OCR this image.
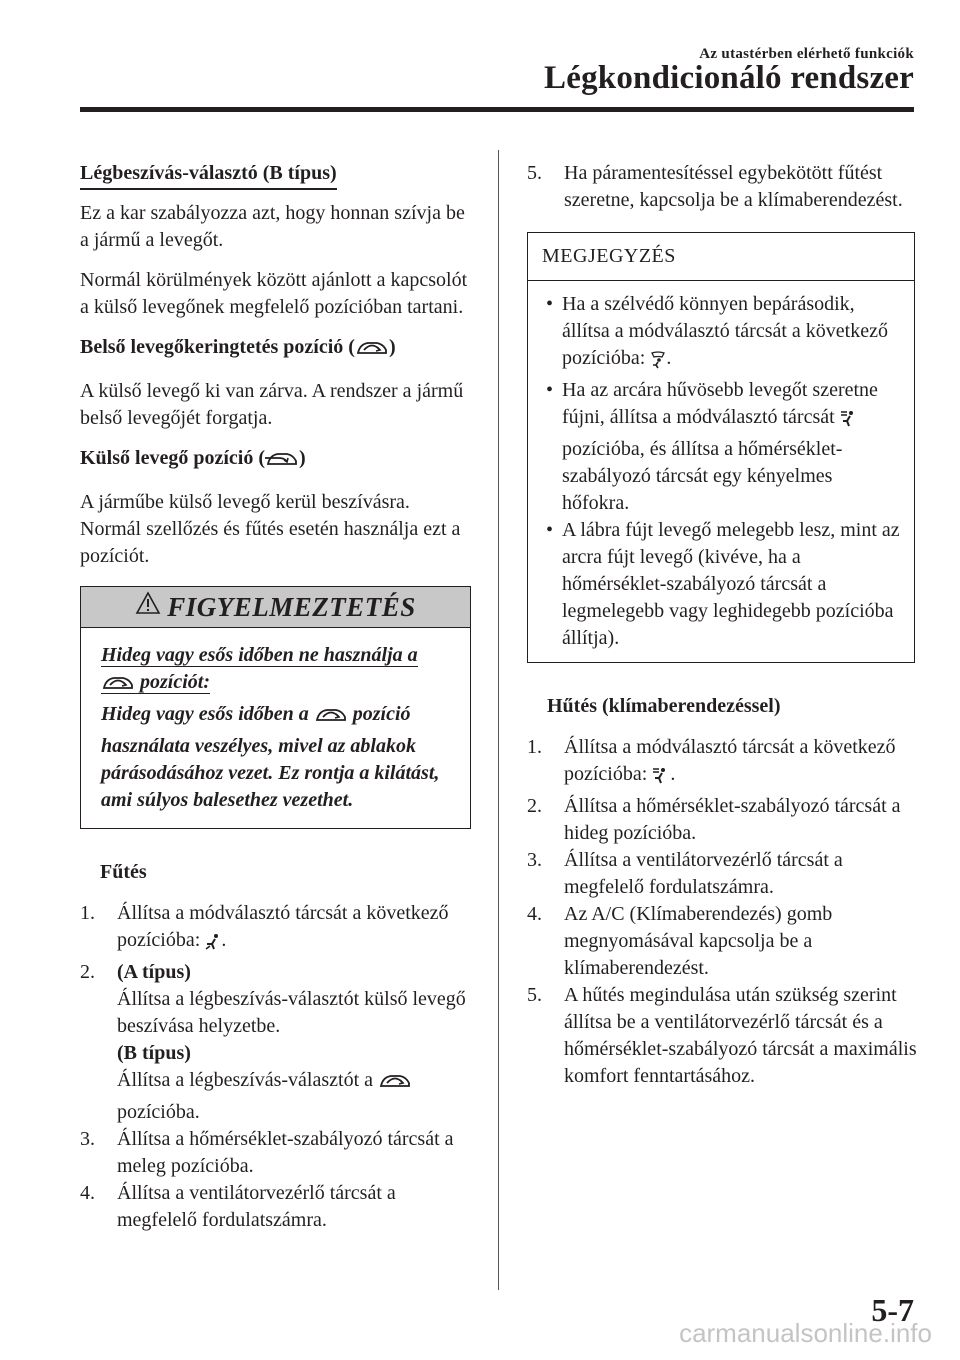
Az utastérben elérhető funkciók
Légkondicionáló rendszer
Légbeszívás-választó (B típus)

Ez a kar szabályozza azt, hogy honnan szívja be a jármű a levegőt.

Normál körülmények között ajánlott a kapcsolót a külső levegőnek megfelelő pozícióban tartani.

Belső levegőkeringtetés pozíció ( )

A külső levegő ki van zárva. A rendszer a jármű belső levegőjét forgatja.

Külső levegő pozíció ( )

A járműbe külső levegő kerül beszívásra. Normál szellőzés és fűtés esetén használja ezt a pozíciót.

FIGYELMEZTETÉS

Hideg vagy esős időben ne használja a  pozíciót:

Hideg vagy esős időben a pozíció használata veszélyes, mivel az ablakok párásodásához vezet. Ez rontja a kilátást, ami súlyos balesethez vezethet.

Fűtés

1. Állítsa a módválasztó tárcsát a következő pozícióba: .
2. (A típus)
Állítsa a légbeszívás-választót külső levegő beszívása helyzetbe.
(B típus)
Állítsa a légbeszívás-választót a
pozícióba.
3. Állítsa a hőmérséklet-szabályozó tárcsát a meleg pozícióba.
4. Állítsa a ventilátorvezérlő tárcsát a megfelelő fordulatszámra.
5. Ha páramentesítéssel egybekötött fűtést szeretne, kapcsolja be a klímaberendezést.
MEGJEGYZÉS
• Ha a szélvédő könnyen bepárásodik, állítsa a módválasztó tárcsát a következő pozícióba: .
• Ha az arcára hűvösebb levegőt szeretne fújni, állítsa a módválasztó tárcsát  pozícióba, és állítsa a hőmérséklet-szabályozó tárcsát egy kényelmes hőfokra.
• A lábra fújt levegő melegebb lesz, mint az arcra fújt levegő (kivéve, ha a hőmérséklet-szabályozó tárcsát a legmelegebb vagy leghidegebb pozícióba állítja).

Hűtés (klímaberendezéssel)

1. Állítsa a módválasztó tárcsát a következő pozícióba: .
2. Állítsa a hőmérséklet-szabályozó tárcsát a hideg pozícióba.
3. Állítsa a ventilátorvezérlő tárcsát a megfelelő fordulatszámra.
4. Az A/C (Klímaberendezés) gomb megnyomásával kapcsolja be a klímaberendezést.
5. A hűtés megindulása után szükség szerint állítsa be a ventilátorvezérlő tárcsát és a hőmérséklet-szabályozó tárcsát a maximális komfort fenntartásához.
5-7
carmanualsonline.info
